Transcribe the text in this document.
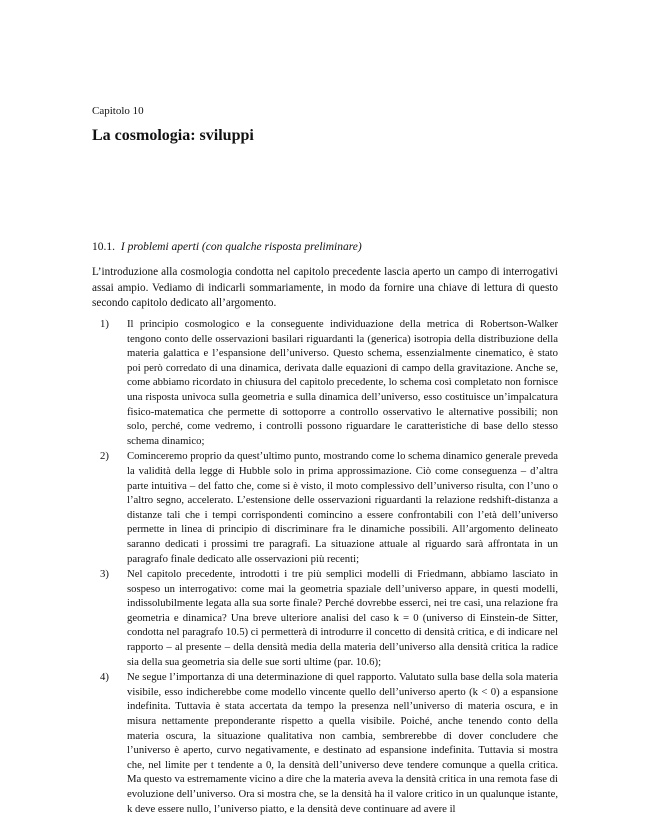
Capitolo 10
La cosmologia: sviluppi
10.1. I problemi aperti (con qualche risposta preliminare)

L’introduzione alla cosmologia condotta nel capitolo precedente lascia aperto un campo di interrogativi assai ampio. Vediamo di indicarli sommariamente, in modo da fornire una chiave di lettura di questo secondo capitolo dedicato all’argomento.

1) Il principio cosmologico e la conseguente individuazione della metrica di Robertson-Walker tengono conto delle osservazioni basilari riguardanti la (generica) isotropia della distribuzione della materia galattica e l’espansione dell’universo. Questo schema, essenzialmente cinematico, è stato poi però corredato di una dinamica, derivata dalle equazioni di campo della gravitazione. Anche se, come abbiamo ricordato in chiusura del capitolo precedente, lo schema così completato non fornisce una risposta univoca sulla geometria e sulla dinamica dell’universo, esso costituisce un’impalcatura fisico-matematica che permette di sottoporre a controllo osservativo le alternative possibili; non solo, perché, come vedremo, i controlli possono riguardare le caratteristiche di base dello stesso schema dinamico;
2) Cominceremo proprio da quest’ultimo punto, mostrando come lo schema dinamico generale preveda la validità della legge di Hubble solo in prima approssimazione. Ciò come conseguenza – d’altra parte intuitiva – del fatto che, come si è visto, il moto complessivo dell’universo risulta, con l’uno o l’altro segno, accelerato. L’estensione delle osservazioni riguardanti la relazione redshift-distanza a distanze tali che i tempi corrispondenti comincino a essere confrontabili con l’età dell’universo permette in linea di principio di discriminare fra le dinamiche possibili. All’argomento delineato saranno dedicati i prossimi tre paragrafi. La situazione attuale al riguardo sarà affrontata in un paragrafo finale dedicato alle osservazioni più recenti;
3) Nel capitolo precedente, introdotti i tre più semplici modelli di Friedmann, abbiamo lasciato in sospeso un interrogativo: come mai la geometria spaziale dell’universo appare, in questi modelli, indissolubilmente legata alla sua sorte finale? Perché dovrebbe esserci, nei tre casi, una relazione fra geometria e dinamica? Una breve ulteriore analisi del caso k = 0 (universo di Einstein-de Sitter, condotta nel paragrafo 10.5) ci permetterà di introdurre il concetto di densità critica, e di indicare nel rapporto – al presente – della densità media della materia dell’universo alla densità critica la radice sia della sua geometria sia delle sue sorti ultime (par. 10.6);
4) Ne segue l’importanza di una determinazione di quel rapporto. Valutato sulla base della sola materia visibile, esso indicherebbe come modello vincente quello dell’universo aperto (k < 0) a espansione indefinita. Tuttavia è stata accertata da tempo la presenza nell’universo di materia oscura, e in misura nettamente preponderante rispetto a quella visibile. Poiché, anche tenendo conto della materia oscura, la situazione qualitativa non cambia, sembrerebbe di dover concludere che l’universo è aperto, curvo negativamente, e destinato ad espansione indefinita. Tuttavia si mostra che, nel limite per t tendente a 0, la densità dell’universo deve tendere comunque a quella critica. Ma questo va estremamente vicino a dire che la materia aveva la densità critica in una remota fase di evoluzione dell’universo. Ora si mostra che, se la densità ha il valore critico in un qualunque istante, k deve essere nullo, l’universo piatto, e la densità deve continuare ad avere il
